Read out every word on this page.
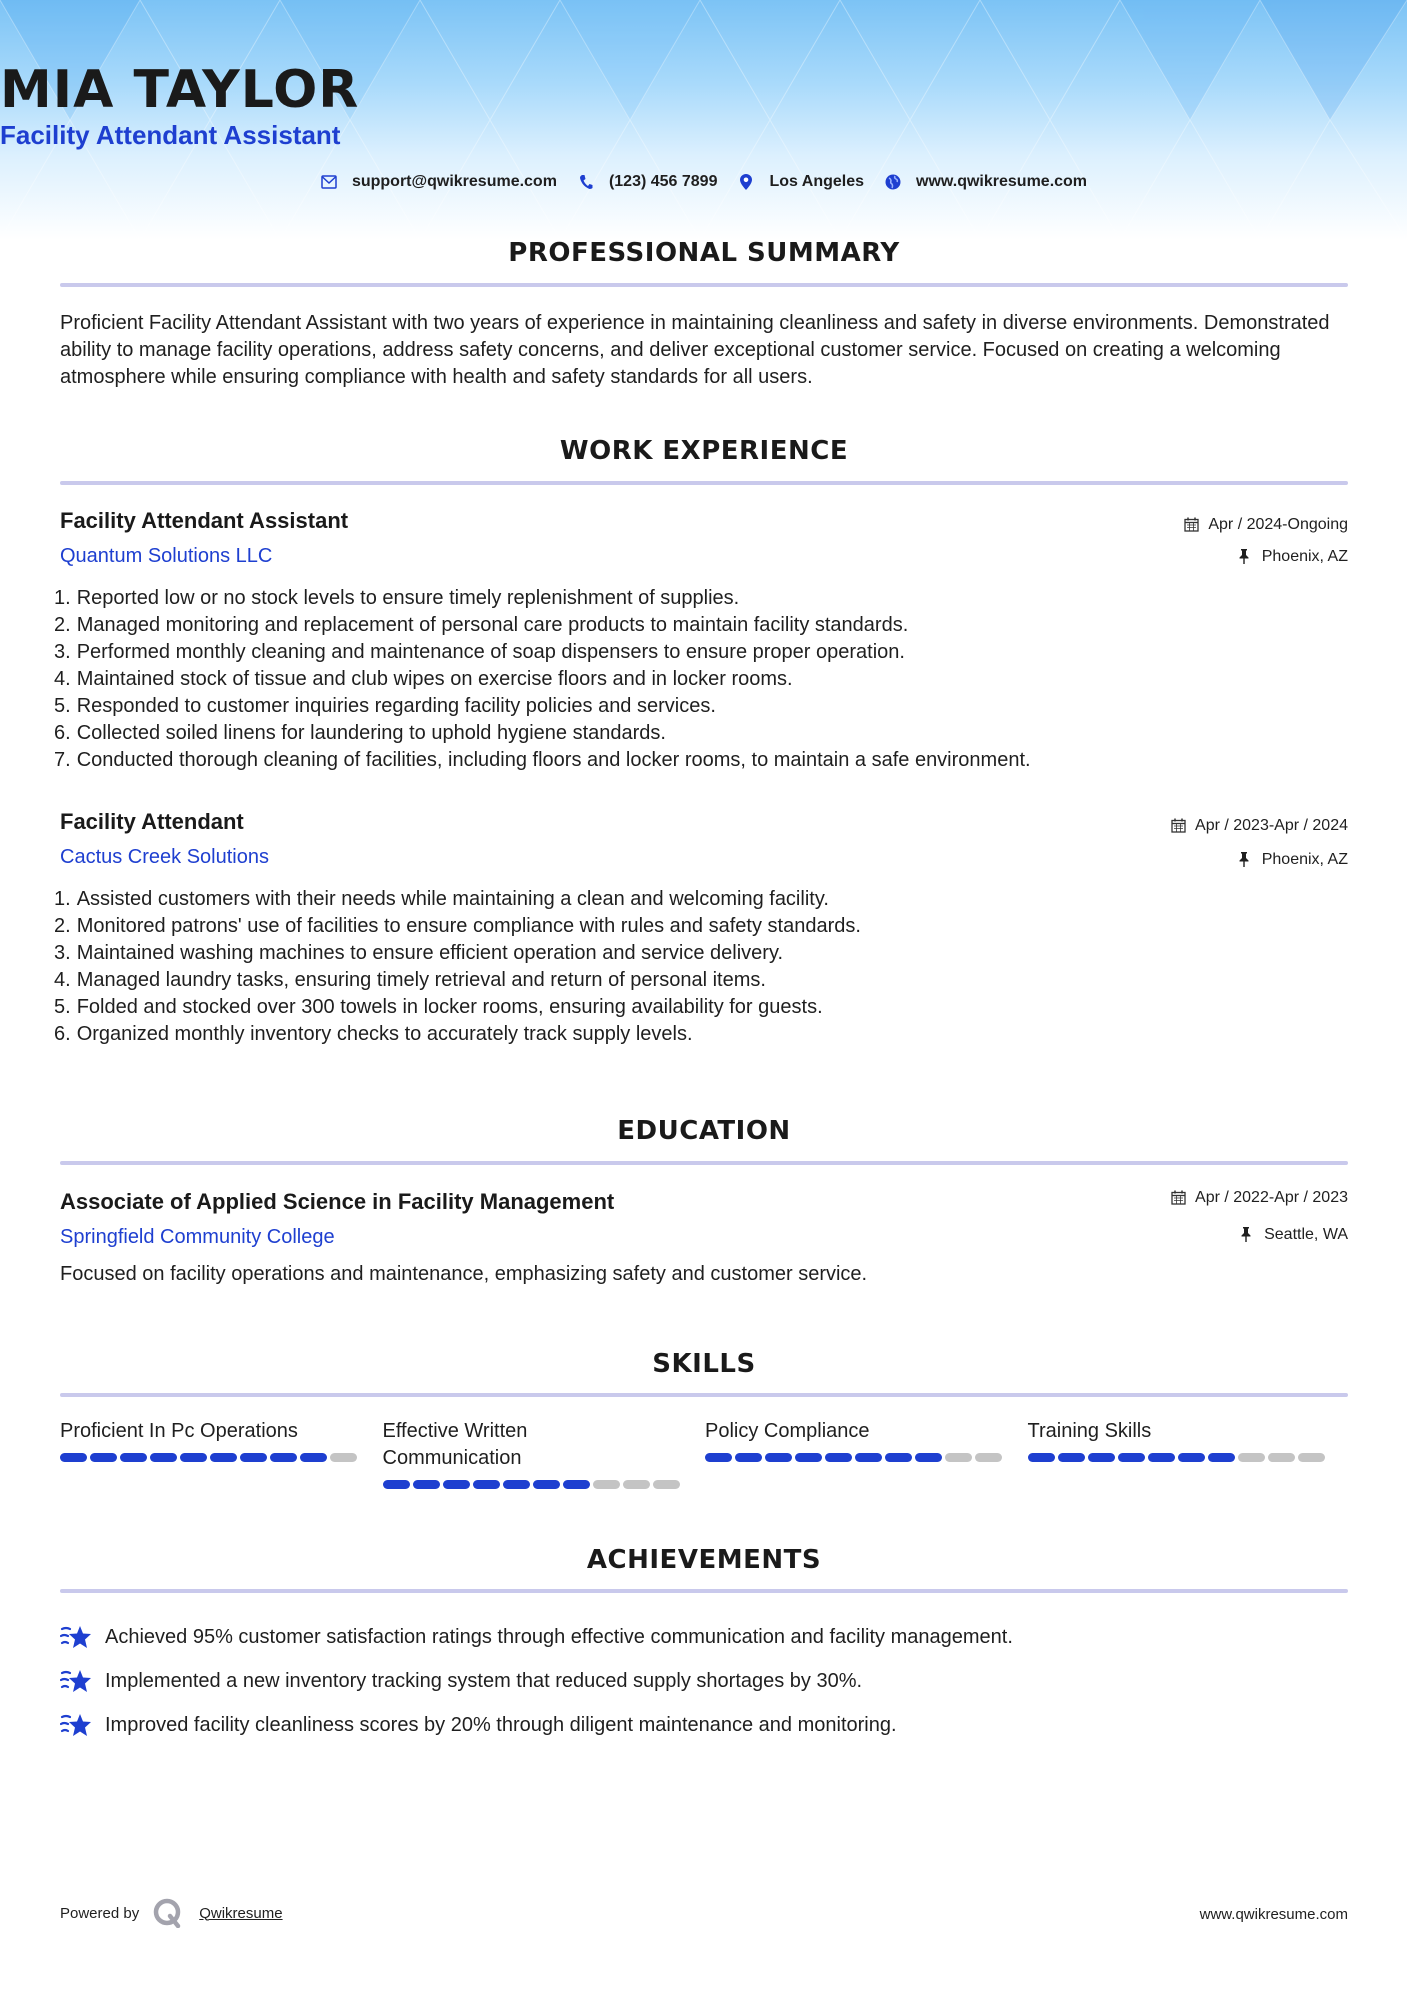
MIA TAYLOR
Facility Attendant Assistant
support@qwikresume.com	(123) 456 7899	Los Angeles	www.qwikresume.com
PROFESSIONAL SUMMARY
Proficient Facility Attendant Assistant with two years of experience in maintaining cleanliness and safety in diverse environments. Demonstrated ability to manage facility operations, address safety concerns, and deliver exceptional customer service. Focused on creating a welcoming atmosphere while ensuring compliance with health and safety standards for all users.
WORK EXPERIENCE
Facility Attendant Assistant
Quantum Solutions LLC
Apr / 2024-Ongoing
Phoenix, AZ
1. Reported low or no stock levels to ensure timely replenishment of supplies.
2. Managed monitoring and replacement of personal care products to maintain facility standards.
3. Performed monthly cleaning and maintenance of soap dispensers to ensure proper operation.
4. Maintained stock of tissue and club wipes on exercise floors and in locker rooms.
5. Responded to customer inquiries regarding facility policies and services.
6. Collected soiled linens for laundering to uphold hygiene standards.
7. Conducted thorough cleaning of facilities, including floors and locker rooms, to maintain a safe environment.
Facility Attendant
Cactus Creek Solutions
Apr / 2023-Apr / 2024
Phoenix, AZ
1. Assisted customers with their needs while maintaining a clean and welcoming facility.
2. Monitored patrons' use of facilities to ensure compliance with rules and safety standards.
3. Maintained washing machines to ensure efficient operation and service delivery.
4. Managed laundry tasks, ensuring timely retrieval and return of personal items.
5. Folded and stocked over 300 towels in locker rooms, ensuring availability for guests.
6. Organized monthly inventory checks to accurately track supply levels.
EDUCATION
Associate of Applied Science in Facility Management
Springfield Community College
Apr / 2022-Apr / 2023
Seattle, WA
Focused on facility operations and maintenance, emphasizing safety and customer service.
SKILLS
Proficient In Pc Operations	Effective Written Communication
Policy Compliance	Training Skills
ACHIEVEMENTS
Achieved 95% customer satisfaction ratings through effective communication and facility management.
Implemented a new inventory tracking system that reduced supply shortages by 30%.
Improved facility cleanliness scores by 20% through diligent maintenance and monitoring.
Powered by	Qwikresume	www.qwikresume.com
